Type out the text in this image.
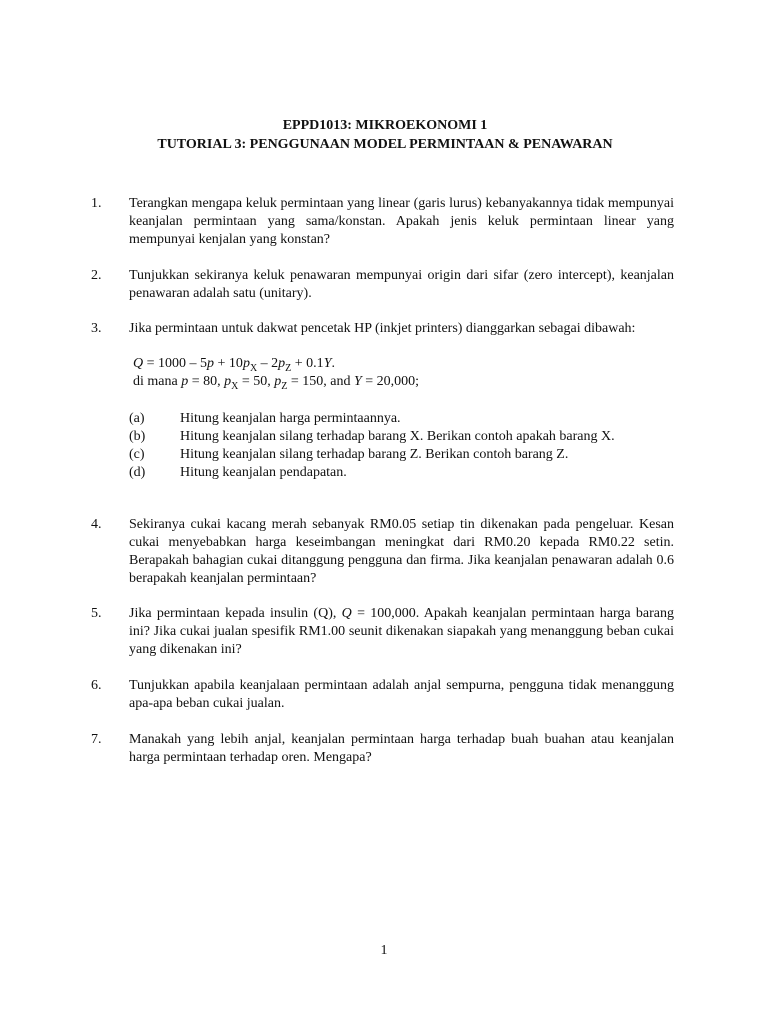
EPPD1013: MIKROEKONOMI 1
TUTORIAL 3: PENGGUNAAN MODEL PERMINTAAN & PENAWARAN
1. Terangkan mengapa keluk permintaan yang linear (garis lurus) kebanyakannya tidak mempunyai keanjalan permintaan yang sama/konstan. Apakah jenis keluk permintaan linear yang mempunyai kenjalan yang konstan?
2. Tunjukkan sekiranya keluk penawaran mempunyai origin dari sifar (zero intercept), keanjalan penawaran adalah satu (unitary).
3. Jika permintaan untuk dakwat pencetak HP (inkjet printers) dianggarkan sebagai dibawah:
$Q = 1000 - 5p + 10p_X - 2p_Z + 0.1Y$.
di mana p = 80, $p_X = 50$, $p_Z = 150$, and Y = 20,000;
(a)	Hitung keanjalan harga permintaannya.
(b) Hitung keanjalan silang terhadap barang X. Berikan contoh apakah barang X.
(c)	Hitung keanjalan silang terhadap barang Z. Berikan contoh barang Z.
(d) Hitung keanjalan pendapatan.
4. Sekiranya cukai kacang merah sebanyak RM0.05 setiap tin dikenakan pada pengeluar. Kesan cukai menyebabkan harga keseimbangan meningkat dari RM0.20 kepada RM0.22 setin. Berapakah bahagian cukai ditanggung pengguna dan firma. Jika keanjalan penawaran adalah 0.6 berapakah keanjalan permintaan?
5. Jika permintaan kepada insulin (Q), Q = 100,000. Apakah keanjalan permintaan harga barang ini? Jika cukai jualan spesifik RM1.00 seunit dikenakan siapakah yang menanggung beban cukai yang dikenakan ini?
6. Tunjukkan apabila keanjalaan permintaan adalah anjal sempurna, pengguna tidak menanggung apa-apa beban cukai jualan.
7. Manakah yang lebih anjal, keanjalan permintaan harga terhadap buah buahan atau keanjalan harga permintaan terhadap oren. Mengapa?
1
